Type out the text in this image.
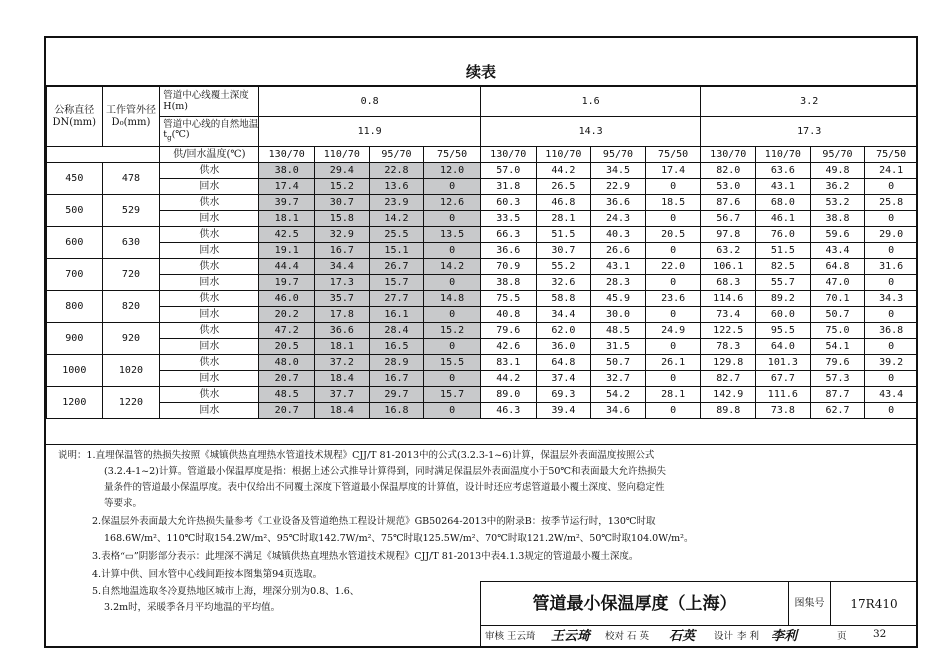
续表
公称直径DN(mm)	工作管外径D₀(mm)	管道中心线覆土深度H(m)	0.8				1.6				3.2			
		管道中心线的自然地温$t_g(℃)$	11.9				14.3				17.3			
		供/回水温度(℃)	130/70	110/70	95/70	75/50	130/70	110/70	95/70	75/50	130/70	110/70	95/70	75/50
450	478	供水	38.0	29.4	22.8	12.0	57.0	44.2	34.5	17.4	82.0	63.6	49.8	24.1
		回水	17.4	15.2	13.6	0	31.8	26.5	22.9	0	53.0	43.1	36.2	0
500	529	供水	39.7	30.7	23.9	12.6	60.3	46.8	36.6	18.5	87.6	68.0	53.2	25.8
		回水	18.1	15.8	14.2	0	33.5	28.1	24.3	0	56.7	46.1	38.8	0
600	630	供水	42.5	32.9	25.5	13.5	66.3	51.5	40.3	20.5	97.8	76.0	59.6	29.0
		回水	19.1	16.7	15.1	0	36.6	30.7	26.6	0	63.2	51.5	43.4	0
700	720	供水	44.4	34.4	26.7	14.2	70.9	55.2	43.1	22.0	106.1	82.5	64.8	31.6
		回水	19.7	17.3	15.7	0	38.8	32.6	28.3	0	68.3	55.7	47.0	0
800	820	供水	46.0	35.7	27.7	14.8	75.5	58.8	45.9	23.6	114.6	89.2	70.1	34.3
		回水	20.2	17.8	16.1	0	40.8	34.4	30.0	0	73.4	60.0	50.7	0
900	920	供水	47.2	36.6	28.4	15.2	79.6	62.0	48.5	24.9	122.5	95.5	75.0	36.8
		回水	20.5	18.1	16.5	0	42.6	36.0	31.5	0	78.3	64.0	54.1	0
1000	1020	供水	48.0	37.2	28.9	15.5	83.1	64.8	50.7	26.1	129.8	101.3	79.6	39.2
		回水	20.7	18.4	16.7	0	44.2	37.4	32.7	0	82.7	67.7	57.3	0
1200	1220	供水	48.5	37.7	29.7	15.7	89.0	69.3	54.2	28.1	142.9	111.6	87.7	43.4
		回水	20.7	18.4	16.8	0	46.3	39.4	34.6	0	89.8	73.8	62.7	0
说明：1.直埋保温管的热损失按照《城镇供热直埋热水管道技术规程》CJJ/T 81-2013中的公式(3.2.3-1~6)计算，保温层外表面温度按照公式
(3.2.4-1~2)计算。管道最小保温厚度是指：根据上述公式推导计算得到，同时满足保温层外表面温度小于50℃和表面最大允许热损失
量条件的管道最小保温厚度。表中仅给出不同覆土深度下管道最小保温厚度的计算值，设计时还应考虑管道最小覆土深度、竖向稳定性
等要求。
2.保温层外表面最大允许热损失量参考《工业设备及管道绝热工程设计规范》GB50264-2013中的附录B：按季节运行时，130℃时取
168.6W/m²、110℃时取154.2W/m²、95℃时取142.7W/m²、75℃时取125.5W/m²、70℃时取121.2W/m²、50℃时取104.0W/m²。
3.表格“▭”阴影部分表示：此埋深不满足《城镇供热直埋热水管道技术规程》CJJ/T 81-2013中表4.1.3规定的管道最小覆土深度。
4.计算中供、回水管中心线间距按本图集第94页选取。
5.自然地温选取冬冷夏热地区城市上海，埋深分别为0.8、1.6、
3.2m时，采暖季各月平均地温的平均值。	管道最小保温厚度（上海）	图集号	17R410
审核 王云琦 王云琦 校对 石 英 石英 设计 李 利 李利	页	32
